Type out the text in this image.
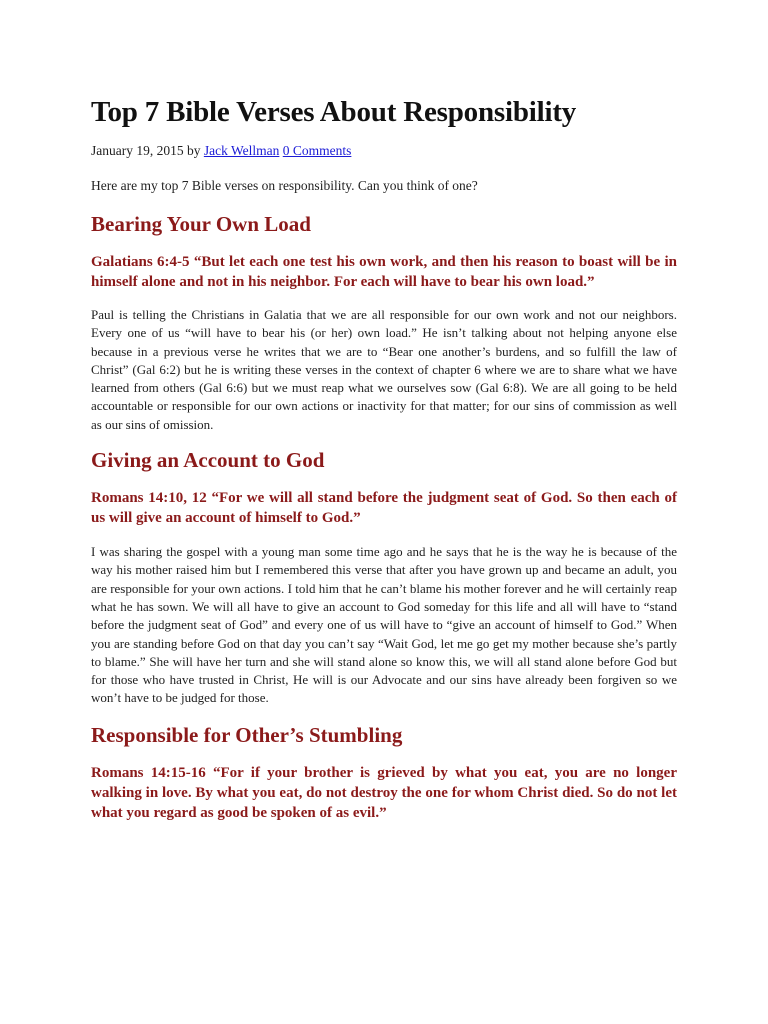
Top 7 Bible Verses About Responsibility
January 19, 2015 by Jack Wellman 0 Comments

Here are my top 7 Bible verses on responsibility. Can you think of one?

Bearing Your Own Load

Galatians 6:4-5 “But let each one test his own work, and then his reason to boast will be in himself alone and not in his neighbor. For each will have to bear his own load.”

Paul is telling the Christians in Galatia that we are all responsible for our own work and not our neighbors. Every one of us “will have to bear his (or her) own load.” He isn’t talking about not helping anyone else because in a previous verse he writes that we are to “Bear one another’s burdens, and so fulfill the law of Christ” (Gal 6:2) but he is writing these verses in the context of chapter 6 where we are to share what we have learned from others (Gal 6:6) but we must reap what we ourselves sow (Gal 6:8). We are all going to be held accountable or responsible for our own actions or inactivity for that matter; for our sins of commission as well as our sins of omission.

Giving an Account to God

Romans 14:10, 12 “For we will all stand before the judgment seat of God. So then each of us will give an account of himself to God.”

I was sharing the gospel with a young man some time ago and he says that he is the way he is because of the way his mother raised him but I remembered this verse that after you have grown up and became an adult, you are responsible for your own actions. I told him that he can’t blame his mother forever and he will certainly reap what he has sown. We will all have to give an account to God someday for this life and all will have to “stand before the judgment seat of God” and every one of us will have to “give an account of himself to God.” When you are standing before God on that day you can’t say “Wait God, let me go get my mother because she’s partly to blame.” She will have her turn and she will stand alone so know this, we will all stand alone before God but for those who have trusted in Christ, He will is our Advocate and our sins have already been forgiven so we won’t have to be judged for those.

Responsible for Other’s Stumbling

Romans 14:15-16 “For if your brother is grieved by what you eat, you are no longer walking in love. By what you eat, do not destroy the one for whom Christ died. So do not let what you regard as good be spoken of as evil.”
